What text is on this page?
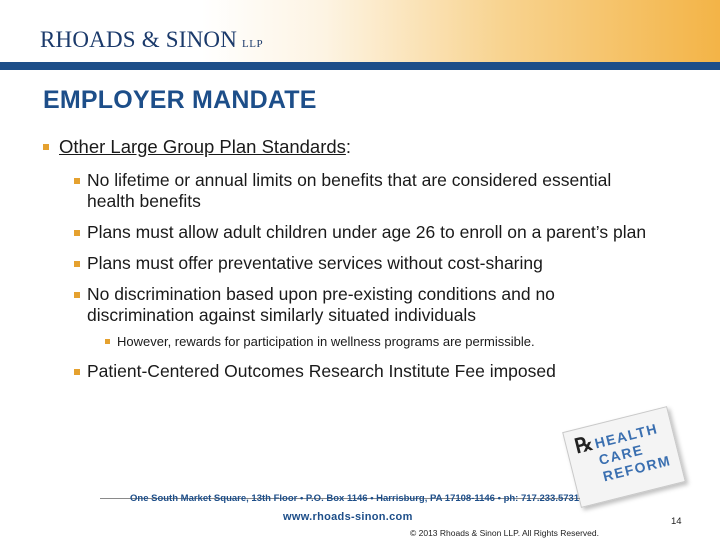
RHOADS & SINON LLP
EMPLOYER MANDATE
Other Large Group Plan Standards:
No lifetime or annual limits on benefits that are considered essential health benefits
Plans must allow adult children under age 26 to enroll on a parent’s plan
Plans must offer preventative services without cost-sharing
No discrimination based upon pre-existing conditions and no discrimination against similarly situated individuals
However, rewards for participation in wellness programs are permissible.
Patient-Centered Outcomes Research Institute Fee imposed
℞
HEALTH CARE REFORM
One South Market Square, 13th Floor • P.O. Box 1146 • Harrisburg, PA 17108-1146 • ph: 717.233.5731
www.rhoads-sinon.com
© 2013 Rhoads & Sinon LLP. All Rights Reserved.
14
